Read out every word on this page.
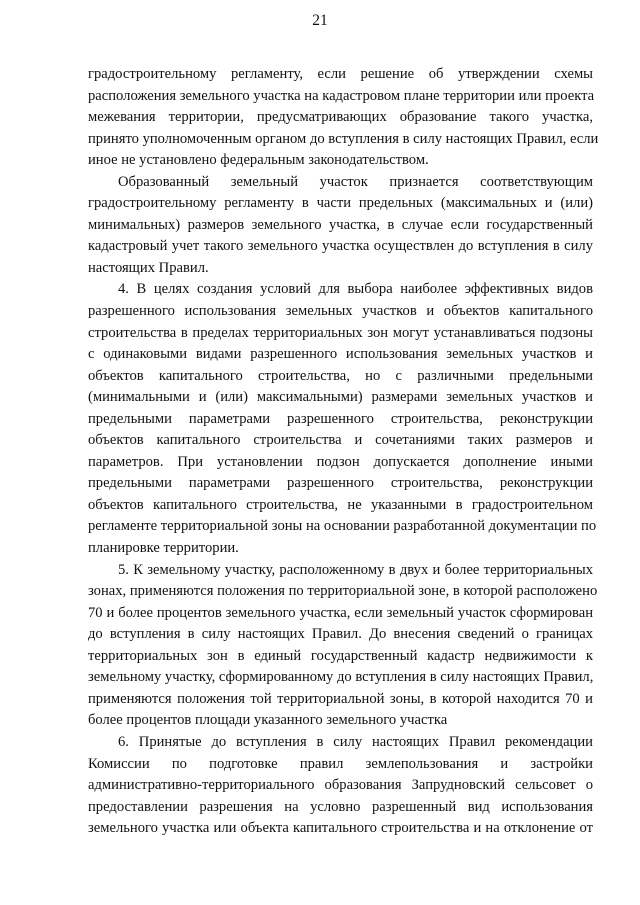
21
градостроительному регламенту, если решение об утверждении схемы
расположения земельного участка на кадастровом плане территории или проекта
межевания территории, предусматривающих образование такого участка,
принято уполномоченным органом до вступления в силу настоящих Правил, если
иное не установлено федеральным законодательством.
Образованный земельный участок признается соответствующим
градостроительному регламенту в части предельных (максимальных и (или)
минимальных) размеров земельного участка, в случае если государственный
кадастровый учет такого земельного участка осуществлен до вступления в силу
настоящих Правил.
4. В целях создания условий для выбора наиболее эффективных видов
разрешенного использования земельных участков и объектов капитального
строительства в пределах территориальных зон могут устанавливаться подзоны
с одинаковыми видами разрешенного использования земельных участков и
объектов капитального строительства, но с различными предельными
(минимальными и (или) максимальными) размерами земельных участков и
предельными параметрами разрешенного строительства, реконструкции
объектов капитального строительства и сочетаниями таких размеров и
параметров. При установлении подзон допускается дополнение иными
предельными параметрами разрешенного строительства, реконструкции
объектов капитального строительства, не указанными в градостроительном
регламенте территориальной зоны на основании разработанной документации по
планировке территории.
5. К земельному участку, расположенному в двух и более территориальных
зонах, применяются положения по территориальной зоне, в которой расположено
70 и более процентов земельного участка, если земельный участок сформирован
до вступления в силу настоящих Правил. До внесения сведений о границах
территориальных зон в единый государственный кадастр недвижимости к
земельному участку, сформированному до вступления в силу настоящих Правил,
применяются положения той территориальной зоны, в которой находится 70 и
более процентов площади указанного земельного участка
6. Принятые до вступления в силу настоящих Правил рекомендации
Комиссии по подготовке правил землепользования и застройки
административно-территориального образования Запрудновский сельсовет о
предоставлении разрешения на условно разрешенный вид использования
земельного участка или объекта капитального строительства и на отклонение от
